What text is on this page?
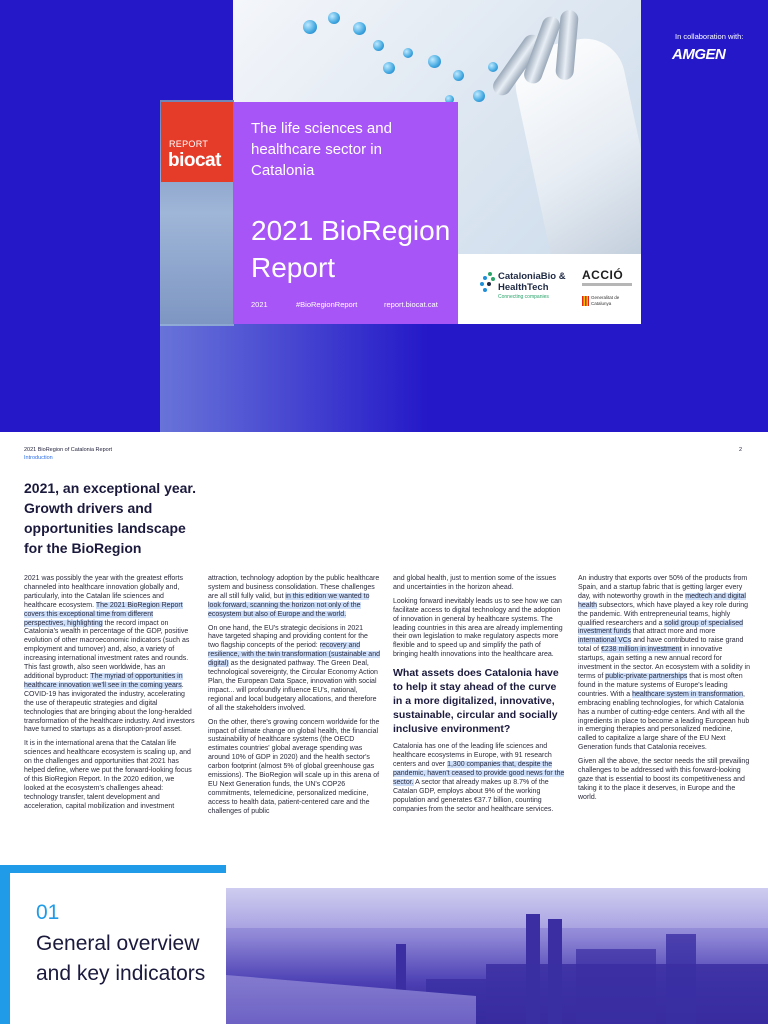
REPORT
biocat
The life sciences and healthcare sector in Catalonia
2021 BioRegion Report
2021	#BioRegionReport	report.biocat.cat
CataloniaBio & HealthTech
Connecting companies
ACCIÓ
Generalitat de Catalunya
In collaboration with:
AMGEN
2021 BioRegion of Catalonia Report
Introduction
2
2021, an exceptional year. Growth drivers and opportunities landscape for the BioRegion

2021 was possibly the year with the greatest efforts channeled into healthcare innovation globally and, particularly, into the Catalan life sciences and healthcare ecosystem. The 2021 BioRegion Report covers this exceptional time from different perspectives, highlighting the record impact on Catalonia's wealth in percentage of the GDP, positive evolution of other macroeconomic indicators (such as employment and turnover) and, also, a variety of increasing international investment rates and rounds. This fast growth, also seen worldwide, has an additional byproduct: The myriad of opportunities in healthcare innovation we'll see in the coming years. COVID-19 has invigorated the industry, accelerating the use of therapeutic strategies and digital technologies that are bringing about the long-heralded transformation of the healthcare industry. And investors have turned to startups as a disruption-proof asset.

It is in the international arena that the Catalan life sciences and healthcare ecosystem is scaling up, and on the challenges and opportunities that 2021 has helped define, where we put the forward-looking focus of this BioRegion Report. In the 2020 edition, we looked at the ecosystem's challenges ahead: technology transfer, talent development and acceleration, capital mobilization and investment

attraction, technology adoption by the public healthcare system and business consolidation. These challenges are all still fully valid, but in this edition we wanted to look forward, scanning the horizon not only of the ecosystem but also of Europe and the world.

On one hand, the EU's strategic decisions in 2021 have targeted shaping and providing content for the two flagship concepts of the period: recovery and resilience, with the twin transformation (sustainable and digital) as the designated pathway. The Green Deal, technological sovereignty, the Circular Economy Action Plan, the European Data Space, innovation with social impact... will profoundly influence EU's, national, regional and local budgetary allocations, and therefore of all the stakeholders involved.

On the other, there's growing concern worldwide for the impact of climate change on global health, the financial sustainability of healthcare systems (the OECD estimates countries' global average spending was around 10% of GDP in 2020) and the health sector's carbon footprint (almost 5% of global greenhouse gas emissions). The BioRegion will scale up in this arena of EU Next Generation funds, the UN's COP26 commitments, telemedicine, personalized medicine, access to health data, patient-centered care and the challenges of public

and global health, just to mention some of the issues and uncertainties in the horizon ahead.

Looking forward inevitably leads us to see how we can facilitate access to digital technology and the adoption of innovation in general by healthcare systems. The leading countries in this area are already implementing their own legislation to make regulatory aspects more flexible and to speed up and simplify the path of bringing health innovations into the healthcare area.

What assets does Catalonia have to help it stay ahead of the curve in a more digitalized, innovative, sustainable, circular and socially inclusive environment?

Catalonia has one of the leading life sciences and healthcare ecosystems in Europe, with 91 research centers and over 1,300 companies that, despite the pandemic, haven't ceased to provide good news for the sector. A sector that already makes up 8.7% of the Catalan GDP, employs about 9% of the working population and generates €37.7 billion, counting companies from the sector and healthcare services.

An industry that exports over 50% of the products from Spain, and a startup fabric that is getting larger every day, with noteworthy growth in the medtech and digital health subsectors, which have played a key role during the pandemic. With entrepreneurial teams, highly qualified researchers and a solid group of specialised investment funds that attract more and more international VCs and have contributed to raise grand total of €238 million in investment in innovative startups, again setting a new annual record for investment in the sector. An ecosystem with a solidity in terms of public-private partnerships that is most often found in the mature systems of Europe's leading countries. With a healthcare system in transformation, embracing enabling technologies, for which Catalonia has a number of cutting-edge centers. And with all the ingredients in place to become a leading European hub in emerging therapies and personalized medicine, called to capitalize a large share of the EU Next Generation funds that Catalonia receives.

Given all the above, the sector needs the still prevailing challenges to be addressed with this forward-looking gaze that is essential to boost its competitiveness and taking it to the place it deserves, in Europe and the world.

01
General overview and key indicators
